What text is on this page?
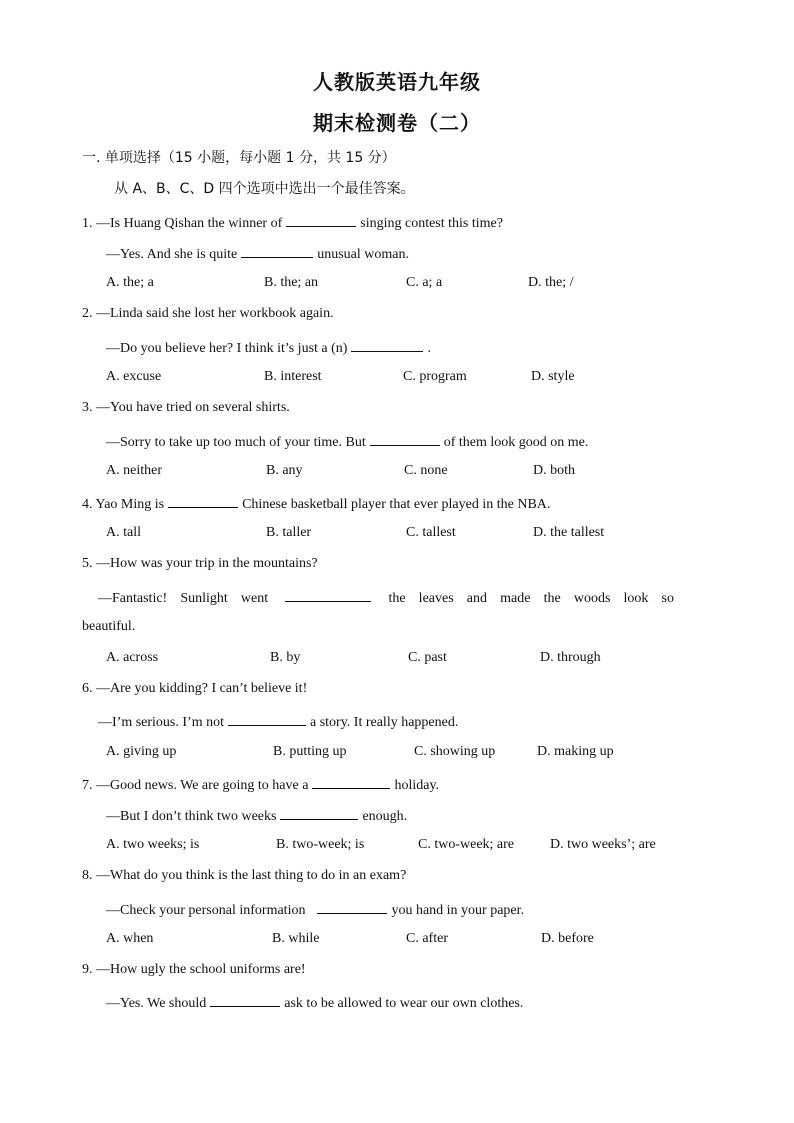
人教版英语九年级
期末检测卷（二）
一. 单项选择（15 小题，每小题 1 分，共 15 分）
从 A、B、C、D 四个选项中选出一个最佳答案。
1. —Is Huang Qishan the winner of	singing contest this time?
—Yes. And she is quite	unusual woman.
A. the; a	B. the; an	C. a; a	D. the; /
2. —Linda said she lost her workbook again.
—Do you believe her? I think it’s just a (n)	.
A. excuse	B. interest	C. program	D. style
3. —You have tried on several shirts.
—Sorry to take up too much of your time. But	of them look good on me.
A. neither	B. any	C. none	D. both
4. Yao Ming is	Chinese basketball player that ever played in the NBA.
A. tall	B. taller	C. tallest	D. the tallest
5. —How was your trip in the mountains?
—Fantastic! Sunlight went	the leaves and made the woods look so
beautiful.
A. across	B. by	C. past	D. through
6. —Are you kidding? I can’t believe it!
—I’m serious. I’m not	a story. It really happened.
A. giving up	B. putting up	C. showing up	D. making up
7. —Good news. We are going to have a	holiday.
—But I don’t think two weeks	enough.
A. two weeks; is	B. two-week; is	C. two-week; are	D. two weeks’; are
8. —What do you think is the last thing to do in an exam?
—Check your personal information	you hand in your paper.
A. when	B. while	C. after	D. before
9. —How ugly the school uniforms are!
—Yes. We should	ask to be allowed to wear our own clothes.
